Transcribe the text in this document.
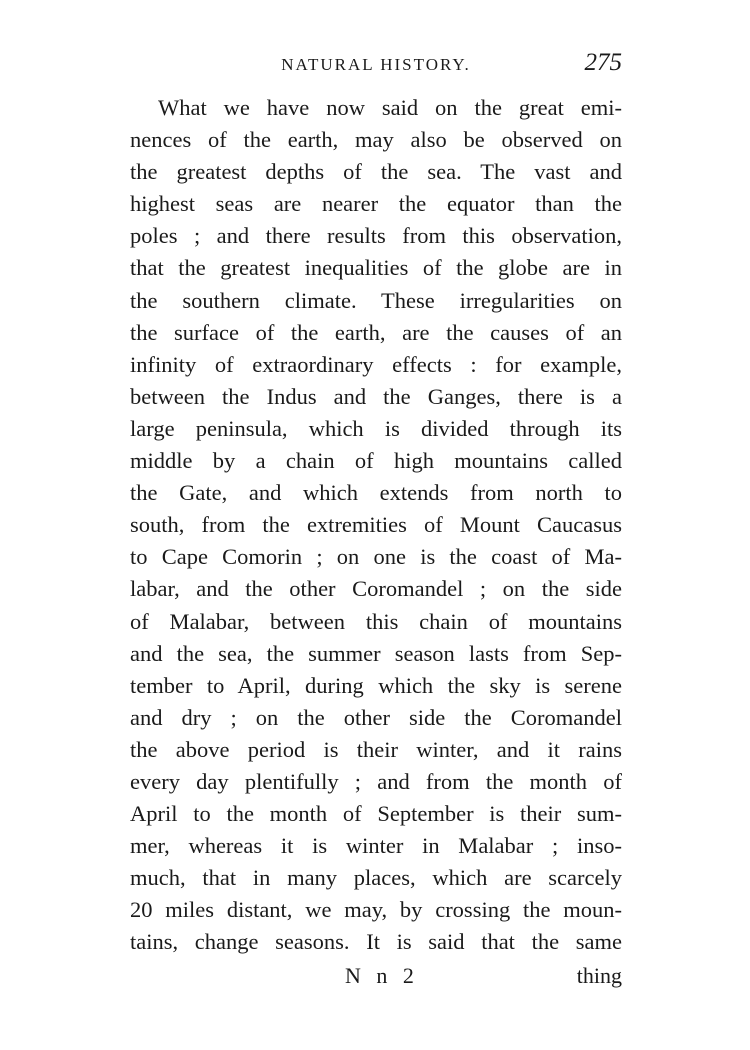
NATURAL HISTORY.	275
What we have now said on the great emi-
nences of the earth, may also be observed on
the greatest depths of the sea. The vast and
highest seas are nearer the equator than the
poles ; and there results from this observation,
that the greatest inequalities of the globe are in
the southern climate. These irregularities on
the surface of the earth, are the causes of an
infinity of extraordinary effects : for example,
between the Indus and the Ganges, there is a
large peninsula, which is divided through its
middle by a chain of high mountains called
the Gate, and which extends from north to
south, from the extremities of Mount Caucasus
to Cape Comorin ; on one is the coast of Ma-
labar, and the other Coromandel ; on the side
of Malabar, between this chain of mountains
and the sea, the summer season lasts from Sep-
tember to April, during which the sky is serene
and dry ; on the other side the Coromandel
the above period is their winter, and it rains
every day plentifully ; and from the month of
April to the month of September is their sum-
mer, whereas it is winter in Malabar ; inso-
much, that in many places, which are scarcely
20 miles distant, we may, by crossing the moun-
tains, change seasons. It is said that the same
N n 2	thing
